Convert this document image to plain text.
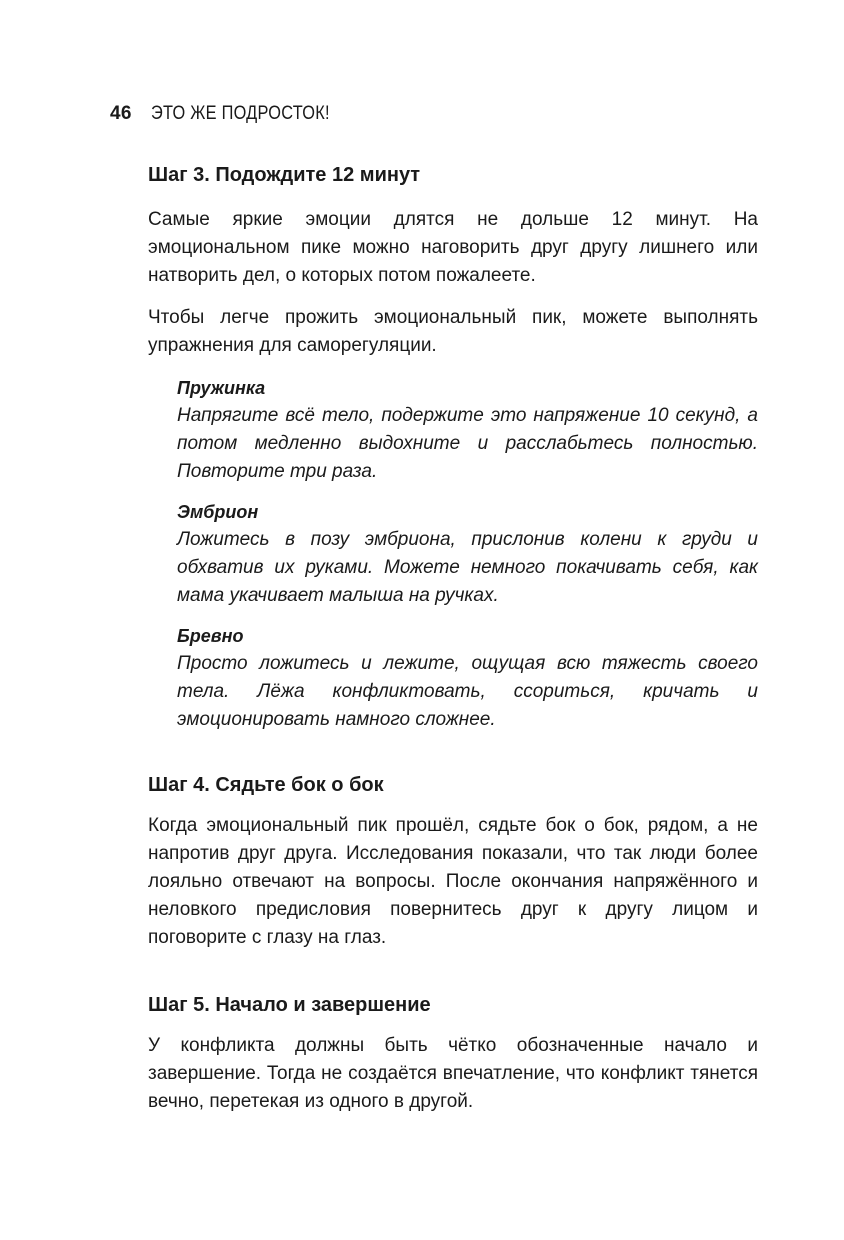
46 ЭТО ЖЕ ПОДРОСТОК!
Шаг 3. Подождите 12 минут

Самые яркие эмоции длятся не дольше 12 минут. На эмоциональном пике можно наговорить друг другу лишнего или натворить дел, о которых потом пожалеете.

Чтобы легче прожить эмоциональный пик, можете выполнять упражнения для саморегуляции.

Пружинка

Напрягите всё тело, подержите это напряжение 10 секунд, а потом медленно выдохните и расслабьтесь полностью. Повторите три раза.

Эмбрион

Ложитесь в позу эмбриона, прислонив колени к груди и обхватив их руками. Можете немного покачивать себя, как мама укачивает малыша на ручках.

Бревно

Просто ложитесь и лежите, ощущая всю тяжесть своего тела. Лёжа конфликтовать, ссориться, кричать и эмоционировать намного сложнее.

Шаг 4. Сядьте бок о бок

Когда эмоциональный пик прошёл, сядьте бок о бок, рядом, а не напротив друг друга. Исследования показали, что так люди более лояльно отвечают на вопросы. После окончания напряжённого и неловкого предисловия повернитесь друг к другу лицом и поговорите с глазу на глаз.

Шаг 5. Начало и завершение

У конфликта должны быть чётко обозначенные начало и завершение. Тогда не создаётся впечатление, что конфликт тянется вечно, перетекая из одного в другой.
